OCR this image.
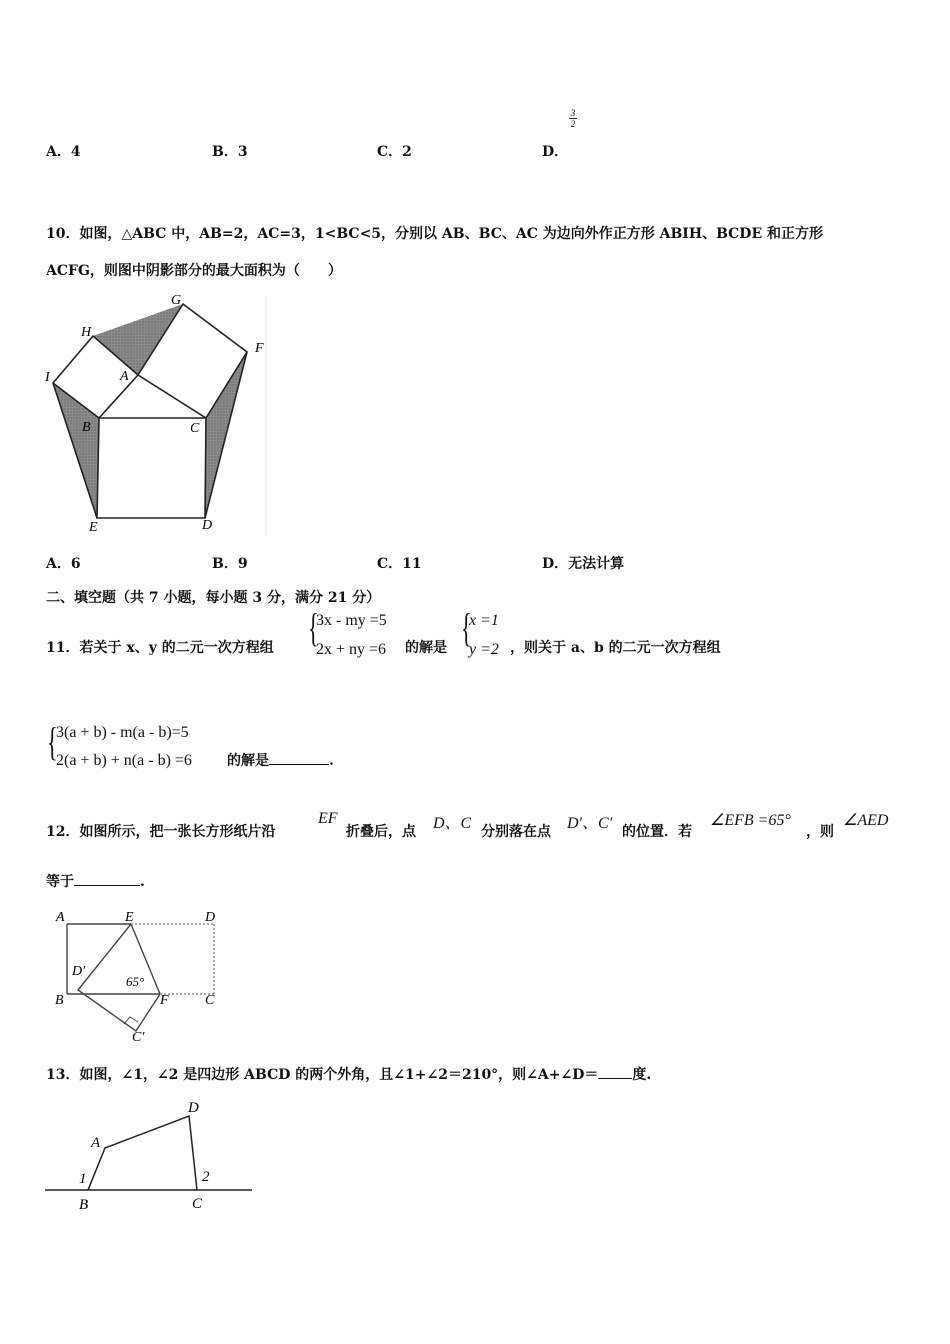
A．4	B．3	C．2	D．
3
2
10．如图，△ABC 中，AB=2，AC=3，1<BC<5，分别以 AB、BC、AC 为边向外作正方形 ABIH、BCDE 和正方形
ACFG，则图中阴影部分的最大面积为（　　）
G
H
F
I	A
B	C
E	D
A．6	B．9	C．11	D．无法计算
二、填空题（共 7 小题，每小题 3 分，满分 21 分）
11．若关于 x、y 的二元一次方程组 {
3x - my =5
2x + ny =6 的解是 {
x =1
y =2 ，则关于 a、b 的二元一次方程组
{
3(a + b) - m(a - b)=5
2(a + b) + n(a - b) =6	的解是	.
12．如图所示，把一张长方形纸片沿
EF
折叠后，点 D、C 分别落在点 D′、C′ 的位置．若
∠EFB =65°
，则
∠AED
等于	.
A	E	D
D′
65°
B	F	C
C′
13．如图，∠1，∠2 是四边形 ABCD 的两个外角，且∠1+∠2＝210°，则∠A+∠D＝ 度.
D
A
1	2
B	C
